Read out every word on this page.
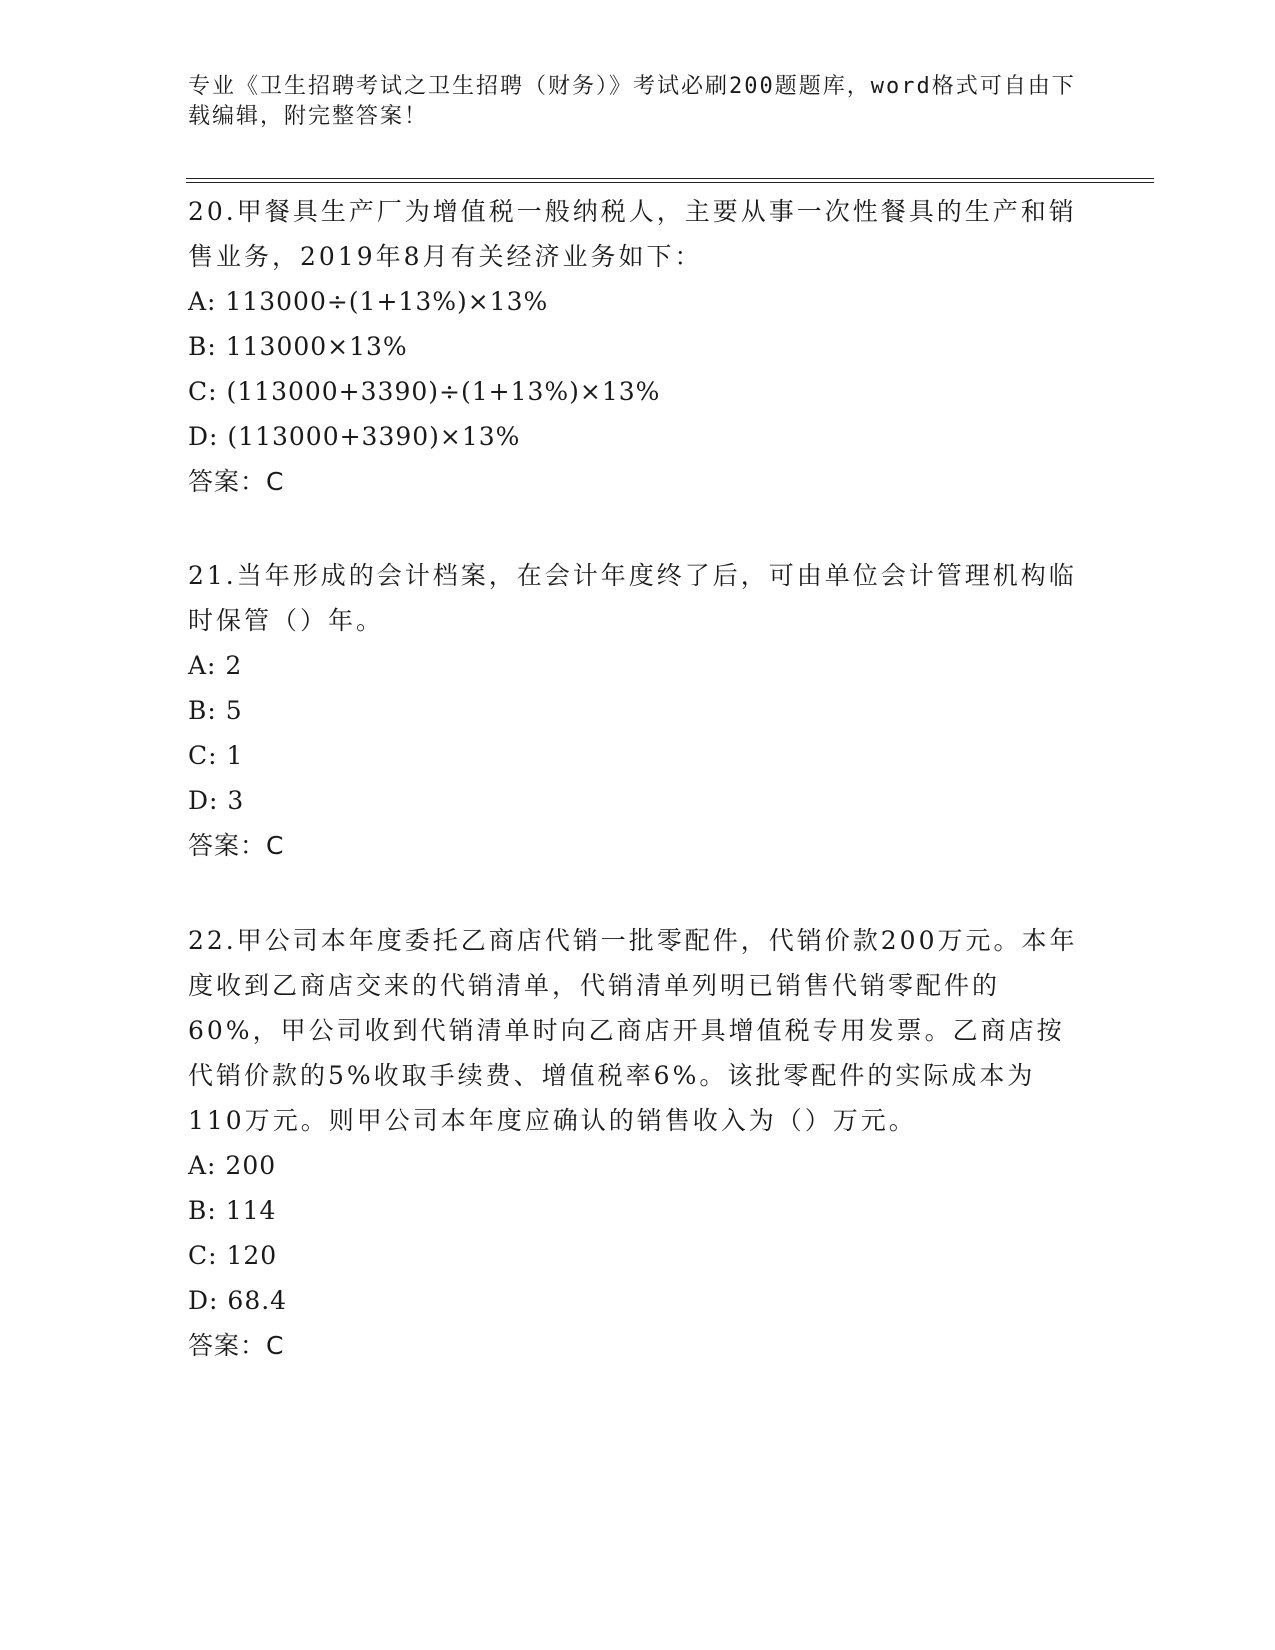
专业《卫生招聘考试之卫生招聘（财务）》考试必刷200题题库，word格式可自由下载编辑，附完整答案！

20.甲餐具生产厂为增值税一般纳税人，主要从事一次性餐具的生产和销售业务，2019年8月有关经济业务如下：

A: 113000÷(1+13%)×13%

B: 113000×13%

C: (113000+3390)÷(1+13%)×13%

D: (113000+3390)×13%

答案：C

21.当年形成的会计档案，在会计年度终了后，可由单位会计管理机构临时保管（）年。

A: 2

B: 5

C: 1

D: 3

答案：C

22.甲公司本年度委托乙商店代销一批零配件，代销价款200万元。本年度收到乙商店交来的代销清单，代销清单列明已销售代销零配件的60%，甲公司收到代销清单时向乙商店开具增值税专用发票。乙商店按代销价款的5%收取手续费、增值税率6%。该批零配件的实际成本为110万元。则甲公司本年度应确认的销售收入为（）万元。

A: 200

B: 114

C: 120

D: 68.4

答案：C
